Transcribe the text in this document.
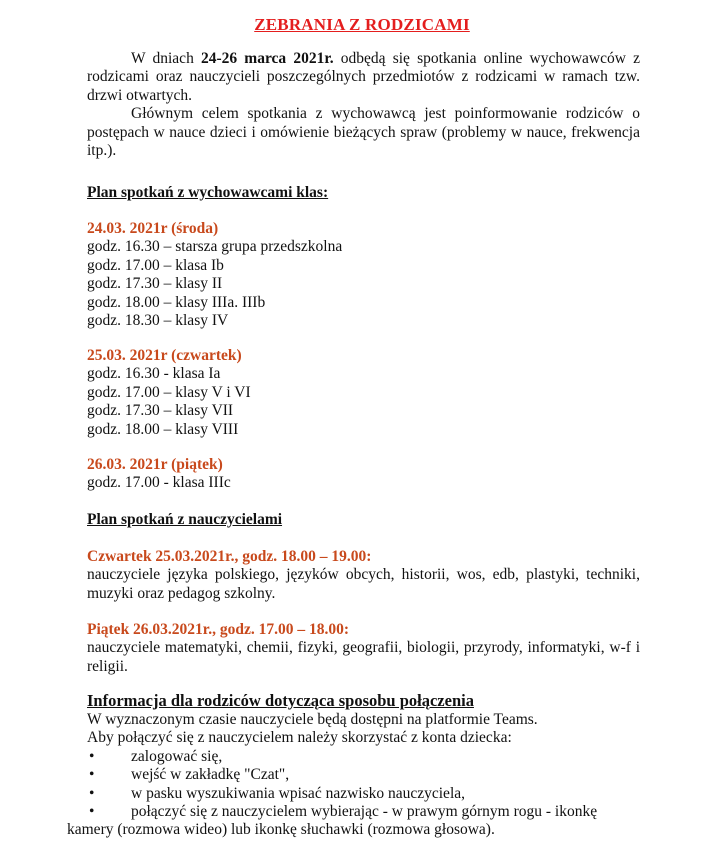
ZEBRANIA Z RODZICAMI
W dniach 24-26 marca 2021r. odbędą się spotkania online wychowawców z rodzicami oraz nauczycieli poszczególnych przedmiotów z rodzicami w ramach tzw. drzwi otwartych.
Głównym celem spotkania z wychowawcą jest poinformowanie rodziców o postępach w nauce dzieci i omówienie bieżących spraw (problemy w nauce, frekwencja itp.).
Plan spotkań z wychowawcami klas:
24.03. 2021r (środa)
godz. 16.30 – starsza grupa przedszkolna
godz. 17.00 – klasa Ib
godz. 17.30 – klasy II
godz. 18.00 – klasy IIIa. IIIb
godz. 18.30 – klasy IV
25.03. 2021r (czwartek)
godz. 16.30 - klasa Ia
godz. 17.00 – klasy V i VI
godz. 17.30 – klasy VII
godz. 18.00 – klasy VIII
26.03. 2021r (piątek)
godz. 17.00 - klasa IIIc
Plan spotkań z nauczycielami
Czwartek 25.03.2021r., godz. 18.00 – 19.00:
nauczyciele języka polskiego, języków obcych, historii, wos, edb, plastyki, techniki, muzyki oraz pedagog szkolny.
Piątek 26.03.2021r., godz. 17.00 – 18.00:
nauczyciele matematyki, chemii, fizyki, geografii, biologii, przyrody, informatyki, w-f i religii.
Informacja dla rodziców dotycząca sposobu połączenia
W wyznaczonym czasie nauczyciele będą dostępni na platformie Teams.
Aby połączyć się z nauczycielem należy skorzystać z konta dziecka:
• zalogować się,
• wejść w zakładkę "Czat",
• w pasku wyszukiwania wpisać nazwisko nauczyciela,
• połączyć się z nauczycielem wybierając - w prawym górnym rogu - ikonkę
kamery (rozmowa wideo) lub ikonkę słuchawki (rozmowa głosowa).
